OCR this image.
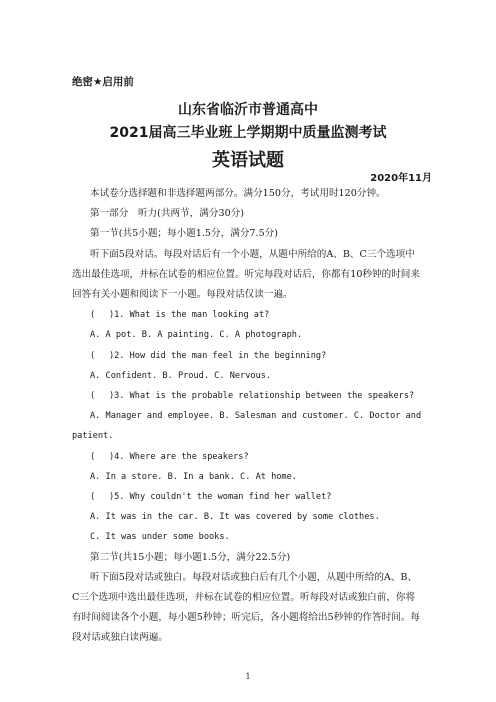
绝密★启用前
山东省临沂市普通高中
2021届高三毕业班上学期期中质量监测考试
英语试题
2020年11月

本试卷分选择题和非选择题两部分。满分150分，考试用时120分钟。

第一部分　听力(共两节，满分30分)

第一节(共5小题；每小题1.5分，满分7.5分)

听下面5段对话。每段对话后有一个小题，从题中所给的A、B、C三个选项中选出最佳选项，并标在试卷的相应位置。听完每段对话后，你都有10秒钟的时间来回答有关小题和阅读下一小题。每段对话仅读一遍。

(　 )1. What is the man looking at?

A. A pot. B. A painting. C. A photograph.

(　 )2. How did the man feel in the beginning?

A. Confident. B. Proud. C. Nervous.

(　 )3. What is the probable relationship between the speakers?

A. Manager and employee. B. Salesman and customer. C. Doctor and patient.

(　 )4. Where are the speakers?

A. In a store. B. In a bank. C. At home.

(　 )5. Why couldn't the woman find her wallet?

A. It was in the car. B. It was covered by some clothes.

C. It was under some books.

第二节(共15小题；每小题1.5分，满分22.5分)

听下面5段对话或独白。每段对话或独白后有几个小题，从题中所给的A、B、C三个选项中选出最佳选项，并标在试卷的相应位置。听每段对话或独白前，你将有时间阅读各个小题，每小题5秒钟；听完后，各小题将给出5秒钟的作答时间。每段对话或独白读两遍。

1
